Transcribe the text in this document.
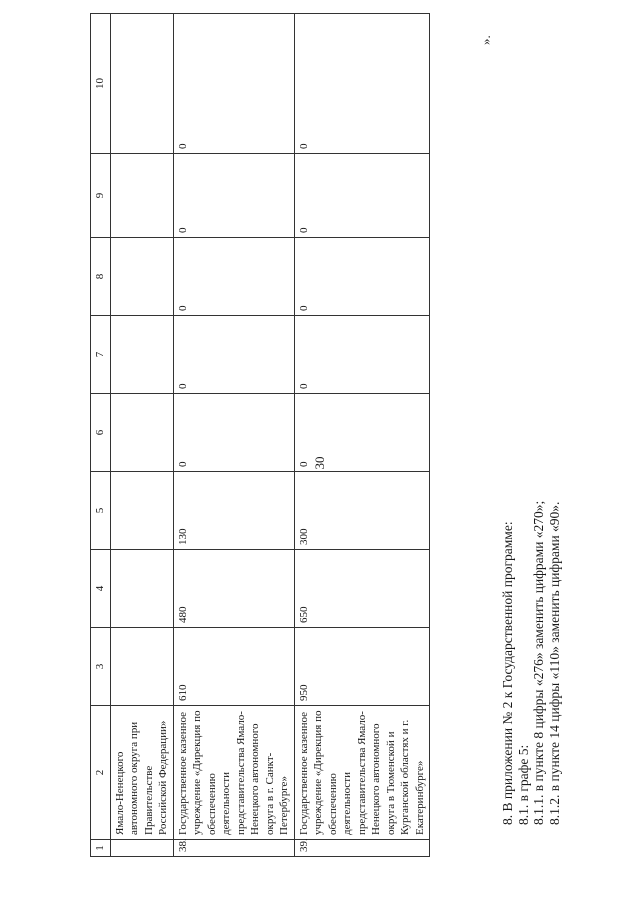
30
1	2	3	4	5	6	7	8	9	10
	Ямало-Ненецкого автономного округа при Правительстве Российской Федерации»								
38.	Государственное казенное учреждение «Дирекция по обеспечению деятельности представительства Ямало-Ненецкого автономного округа в г. Санкт-Петербурге»	610	480	130	0	0	0	0	0
39.	Государственное казенное учреждение «Дирекция по обеспечению деятельности представительства Ямало-Ненецкого автономного округа в Тюменской и Курганской областях и г. Екатеринбурге»	950	650	300	0	0	0	0	0
».

8. В приложении № 2 к Государственной программе: 8.1. в графе 5: 8.1.1. в пункте 8 цифры «276» заменить цифрами «270»; 8.1.2. в пункте 14 цифры «110» заменить цифрами «90».
